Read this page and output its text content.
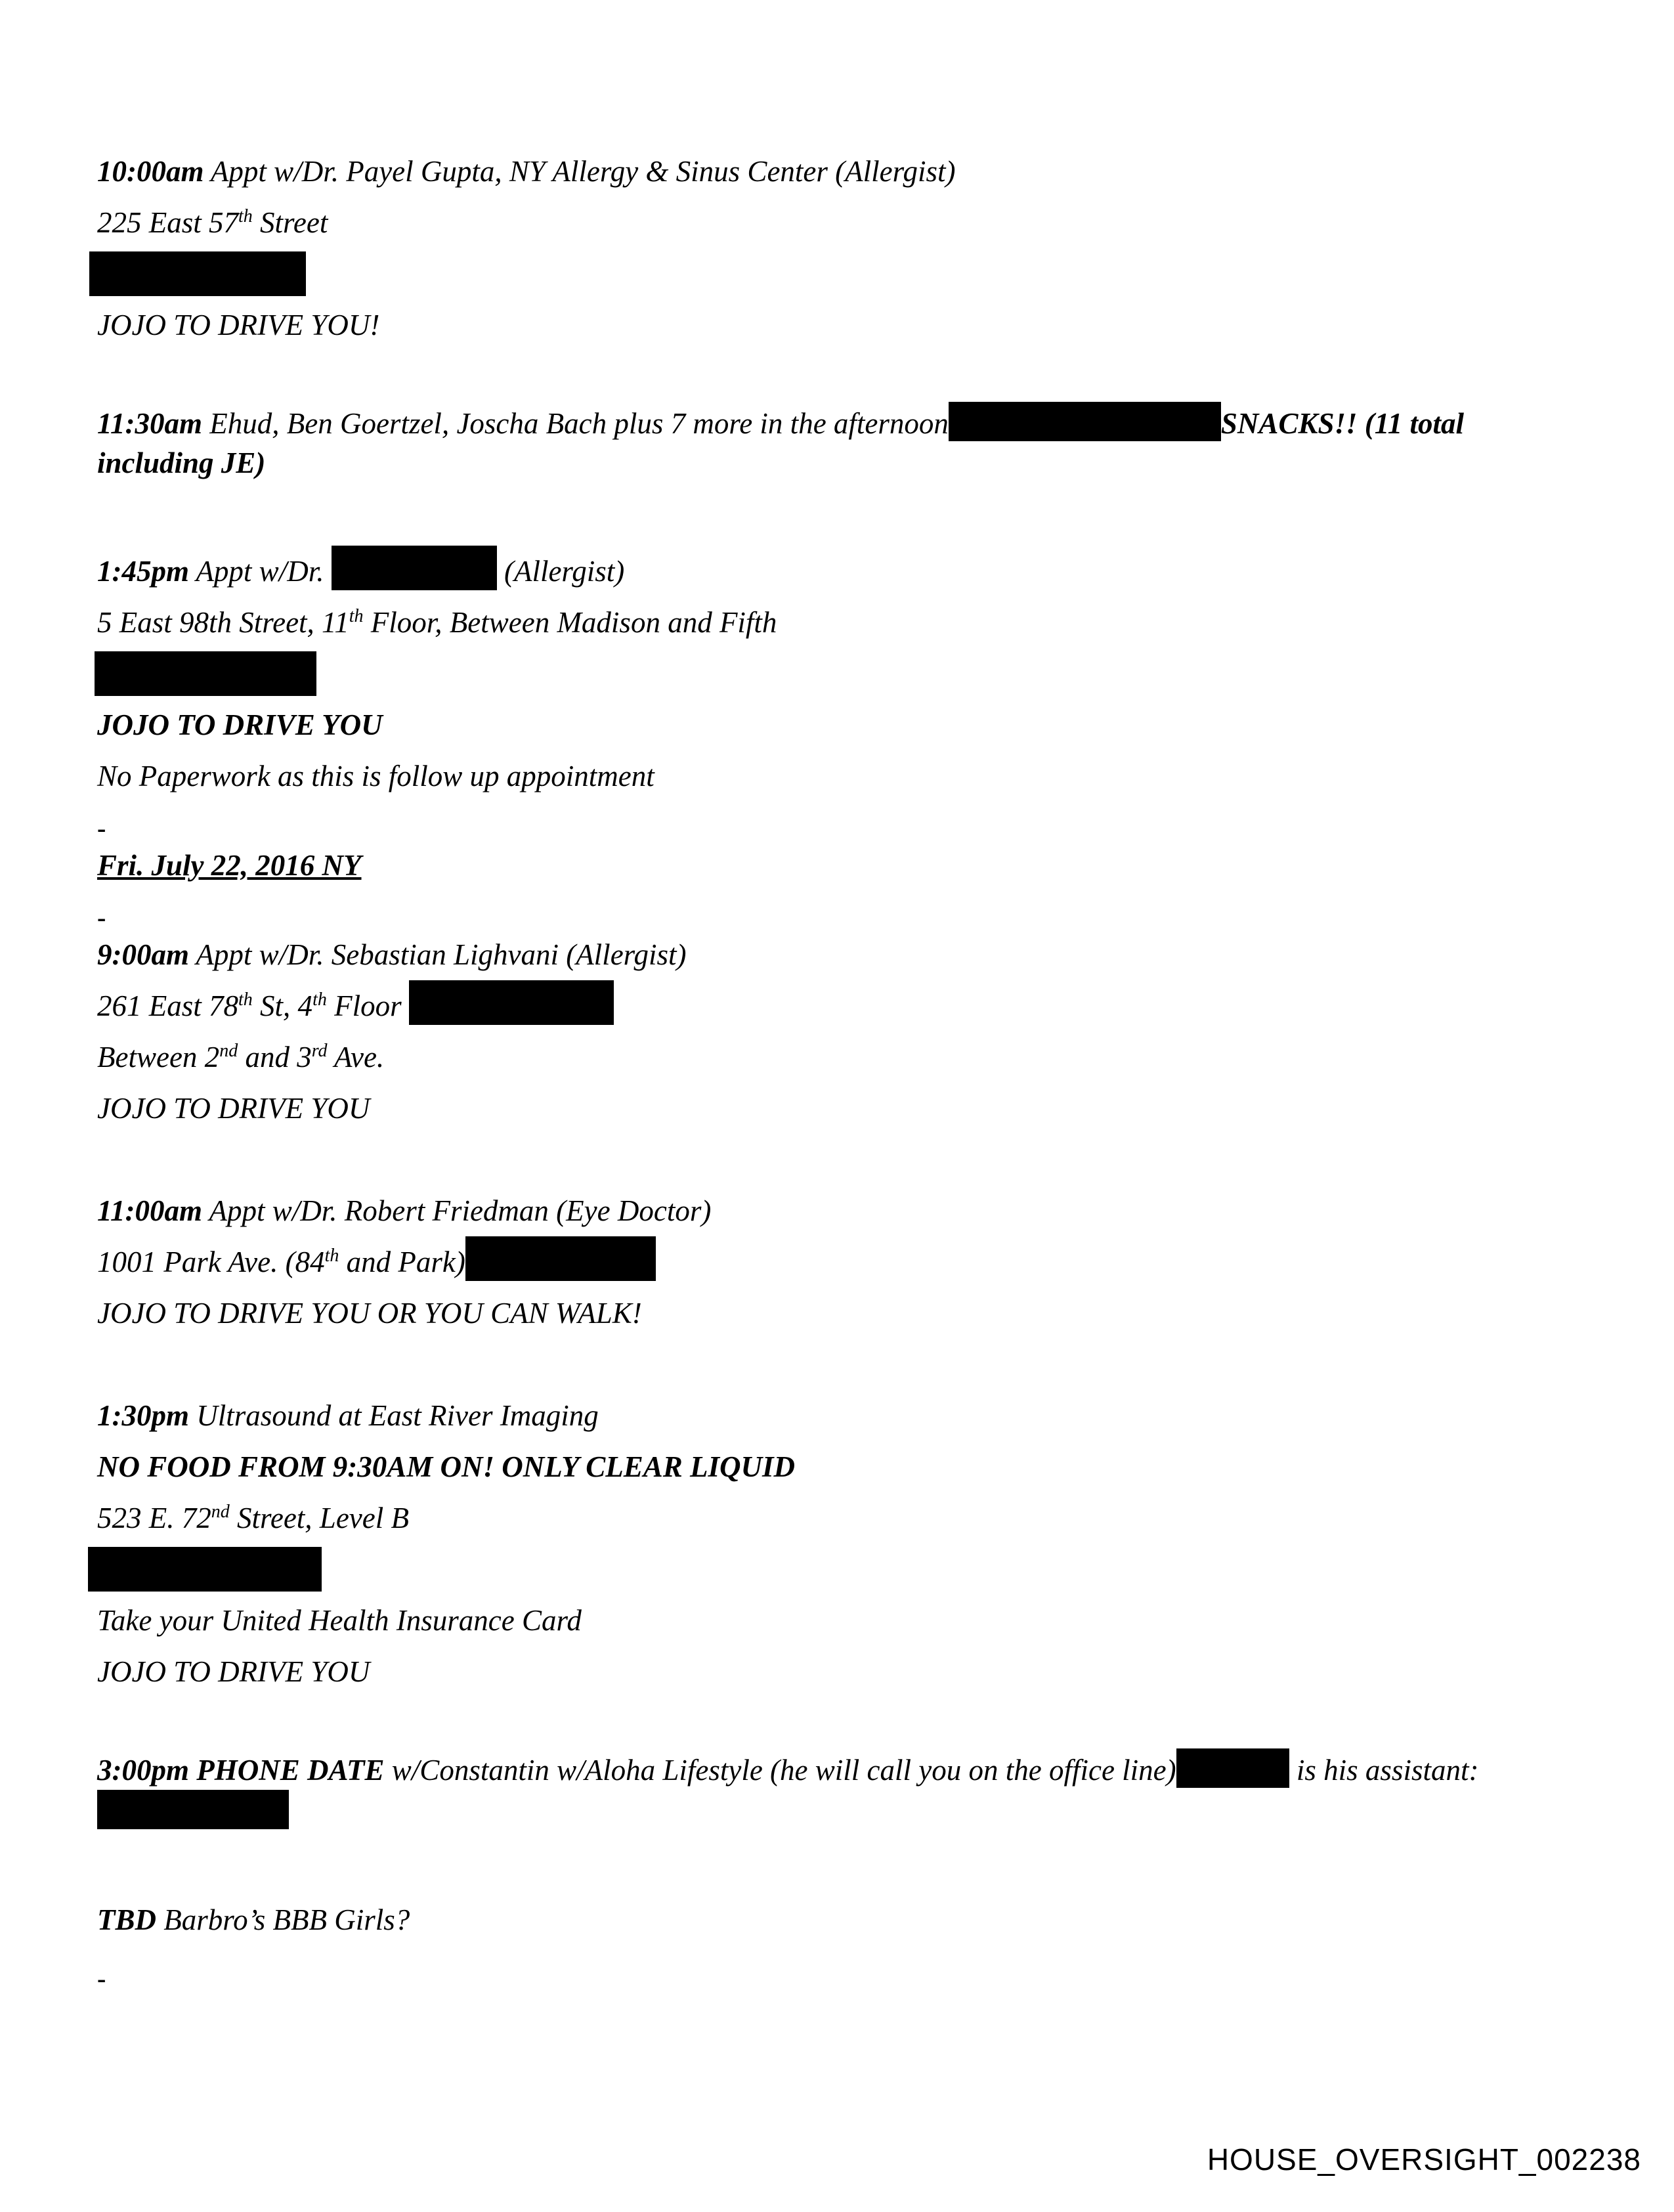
10:00am Appt w/Dr. Payel Gupta, NY Allergy & Sinus Center (Allergist)
225 East 57th Street
JOJO TO DRIVE YOU!
11:30am Ehud, Ben Goertzel, Joscha Bach plus 7 more in the afternoon	SNACKS!! (11 total including JE)
1:45pm Appt w/Dr.	(Allergist)
5 East 98th Street, 11th Floor, Between Madison and Fifth
JOJO TO DRIVE YOU
No Paperwork as this is follow up appointment
-
Fri. July 22, 2016 NY
-
9:00am Appt w/Dr. Sebastian Lighvani (Allergist)
261 East 78th St, 4th Floor
Between 2nd and 3rd Ave.
JOJO TO DRIVE YOU
11:00am Appt w/Dr. Robert Friedman (Eye Doctor)
1001 Park Ave. (84th and Park)
JOJO TO DRIVE YOU OR YOU CAN WALK!
1:30pm Ultrasound at East River Imaging
NO FOOD FROM 9:30AM ON! ONLY CLEAR LIQUID
523 E. 72nd Street, Level B
Take your United Health Insurance Card
JOJO TO DRIVE YOU
3:00pm PHONE DATE w/Constantin w/Aloha Lifestyle (he will call you on the office line)	is his assistant:
TBD Barbro’s BBB Girls?
-
HOUSE_OVERSIGHT_002238
